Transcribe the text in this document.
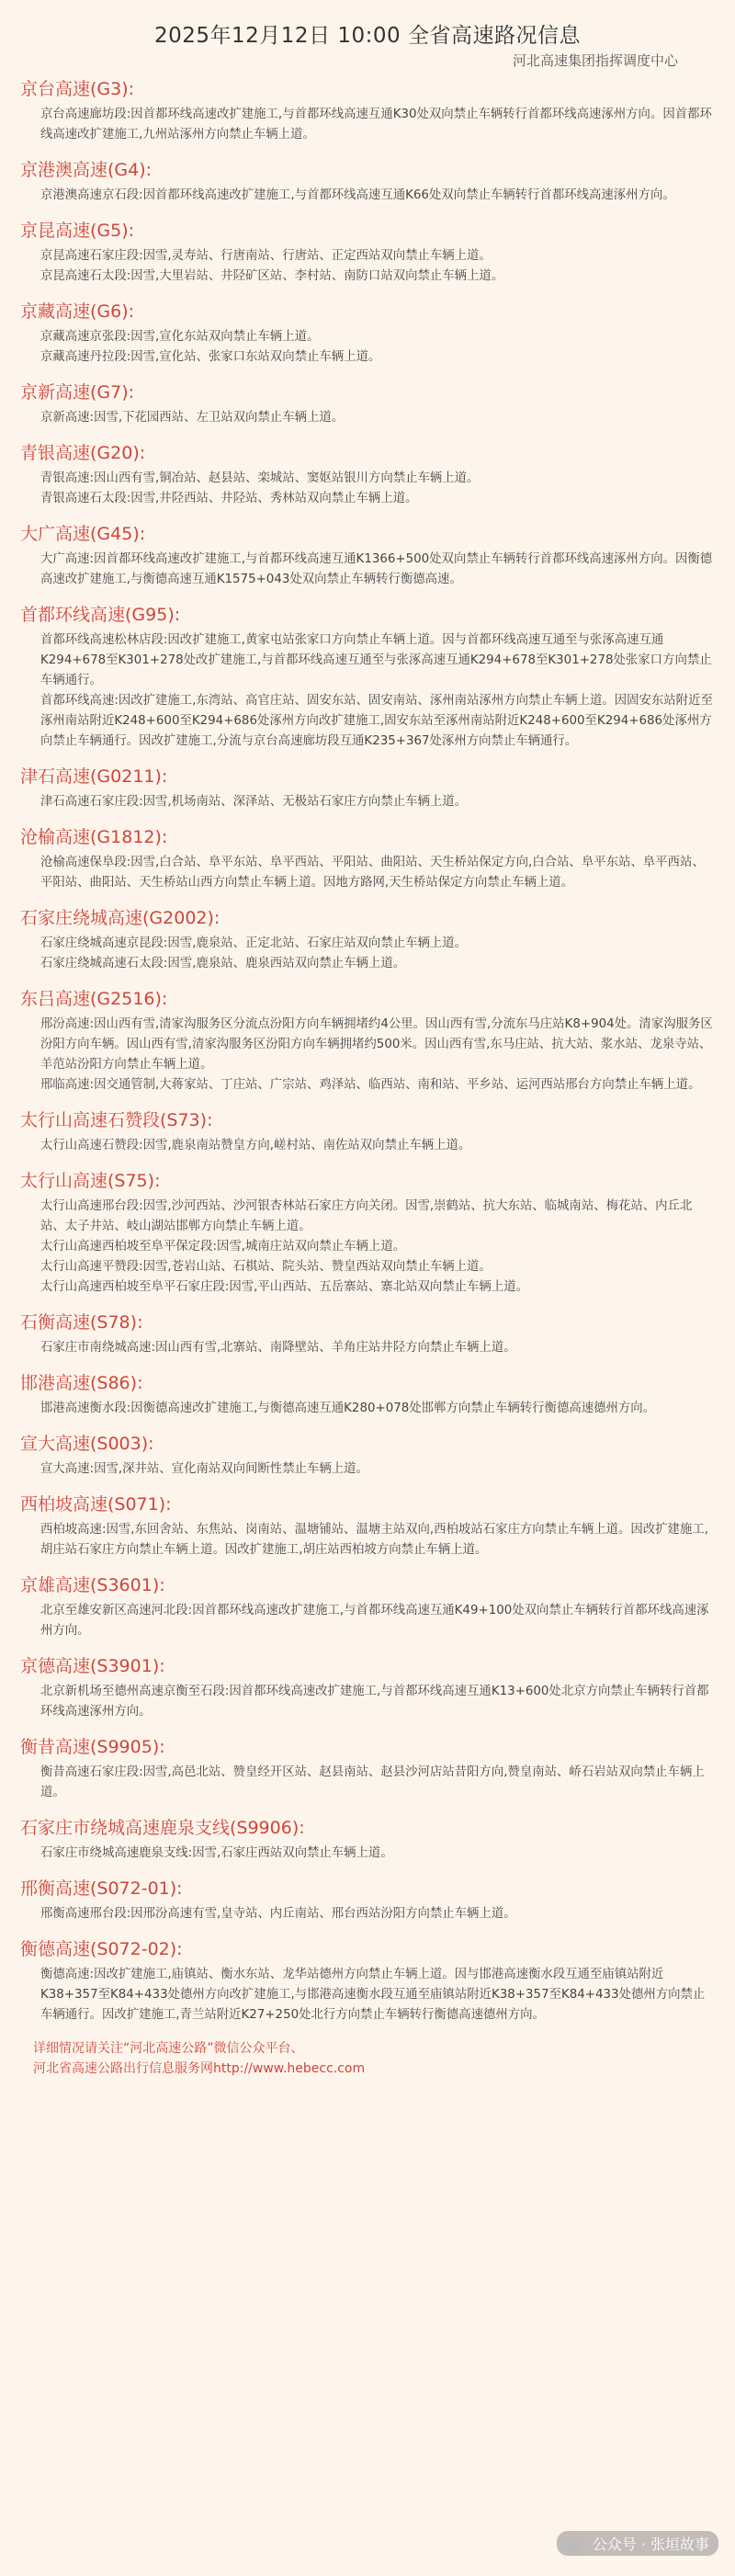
2025年12月12日 10:00 全省高速路况信息
河北高速集团指挥调度中心
京台高速(G3):

京台高速廊坊段:因首都环线高速改扩建施工,与首都环线高速互通K30处双向禁止车辆转行首都环线高速涿州方向。因首都环线高速改扩建施工,九州站涿州方向禁止车辆上道。

京港澳高速(G4):

京港澳高速京石段:因首都环线高速改扩建施工,与首都环线高速互通K66处双向禁止车辆转行首都环线高速涿州方向。

京昆高速(G5):

京昆高速石家庄段:因雪,灵寿站、行唐南站、行唐站、正定西站双向禁止车辆上道。

京昆高速石太段:因雪,大里岩站、井陉矿区站、李村站、南防口站双向禁止车辆上道。

京藏高速(G6):

京藏高速京张段:因雪,宣化东站双向禁止车辆上道。

京藏高速丹拉段:因雪,宣化站、张家口东站双向禁止车辆上道。

京新高速(G7):

京新高速:因雪,下花园西站、左卫站双向禁止车辆上道。

青银高速(G20):

青银高速:因山西有雪,铜冶站、赵县站、栾城站、窦妪站银川方向禁止车辆上道。

青银高速石太段:因雪,井陉西站、井陉站、秀林站双向禁止车辆上道。

大广高速(G45):

大广高速:因首都环线高速改扩建施工,与首都环线高速互通K1366+500处双向禁止车辆转行首都环线高速涿州方向。因衡德高速改扩建施工,与衡德高速互通K1575+043处双向禁止车辆转行衡德高速。

首都环线高速(G95):

首都环线高速松林店段:因改扩建施工,黄家屯站张家口方向禁止车辆上道。因与首都环线高速互通至与张涿高速互通K294+678至K301+278处改扩建施工,与首都环线高速互通至与张涿高速互通K294+678至K301+278处张家口方向禁止车辆通行。

首都环线高速:因改扩建施工,东湾站、高官庄站、固安东站、固安南站、涿州南站涿州方向禁止车辆上道。因固安东站附近至涿州南站附近K248+600至K294+686处涿州方向改扩建施工,固安东站至涿州南站附近K248+600至K294+686处涿州方向禁止车辆通行。因改扩建施工,分流与京台高速廊坊段互通K235+367处涿州方向禁止车辆通行。

津石高速(G0211):

津石高速石家庄段:因雪,机场南站、深泽站、无极站石家庄方向禁止车辆上道。

沧榆高速(G1812):

沧榆高速保阜段:因雪,白合站、阜平东站、阜平西站、平阳站、曲阳站、天生桥站保定方向,白合站、阜平东站、阜平西站、平阳站、曲阳站、天生桥站山西方向禁止车辆上道。因地方路网,天生桥站保定方向禁止车辆上道。

石家庄绕城高速(G2002):

石家庄绕城高速京昆段:因雪,鹿泉站、正定北站、石家庄站双向禁止车辆上道。

石家庄绕城高速石太段:因雪,鹿泉站、鹿泉西站双向禁止车辆上道。

东吕高速(G2516):

邢汾高速:因山西有雪,清家沟服务区分流点汾阳方向车辆拥堵约4公里。因山西有雪,分流东马庄站K8+904处。清家沟服务区汾阳方向车辆。因山西有雪,清家沟服务区汾阳方向车辆拥堵约500米。因山西有雪,东马庄站、抗大站、浆水站、龙泉寺站、羊范站汾阳方向禁止车辆上道。

邢临高速:因交通管制,大蒋家站、丁庄站、广宗站、鸡泽站、临西站、南和站、平乡站、运河西站邢台方向禁止车辆上道。

太行山高速石赞段(S73):

太行山高速石赞段:因雪,鹿泉南站赞皇方向,嵯村站、南佐站双向禁止车辆上道。

太行山高速(S75):

太行山高速邢台段:因雪,沙河西站、沙河银杏林站石家庄方向关闭。因雪,崇鹤站、抗大东站、临城南站、梅花站、内丘北站、太子井站、岐山湖站邯郸方向禁止车辆上道。

太行山高速西柏坡至阜平保定段:因雪,城南庄站双向禁止车辆上道。

太行山高速平赞段:因雪,苍岩山站、石棋站、院头站、赞皇西站双向禁止车辆上道。

太行山高速西柏坡至阜平石家庄段:因雪,平山西站、五岳寨站、寨北站双向禁止车辆上道。

石衡高速(S78):

石家庄市南绕城高速:因山西有雪,北寨站、南降壁站、羊角庄站井陉方向禁止车辆上道。

邯港高速(S86):

邯港高速衡水段:因衡德高速改扩建施工,与衡德高速互通K280+078处邯郸方向禁止车辆转行衡德高速德州方向。

宣大高速(S003):

宣大高速:因雪,深井站、宣化南站双向间断性禁止车辆上道。

西柏坡高速(S071):

西柏坡高速:因雪,东回舍站、东焦站、岗南站、温塘铺站、温塘主站双向,西柏坡站石家庄方向禁止车辆上道。因改扩建施工,胡庄站石家庄方向禁止车辆上道。因改扩建施工,胡庄站西柏坡方向禁止车辆上道。

京雄高速(S3601):

北京至雄安新区高速河北段:因首都环线高速改扩建施工,与首都环线高速互通K49+100处双向禁止车辆转行首都环线高速涿州方向。

京德高速(S3901):

北京新机场至德州高速京衡至石段:因首都环线高速改扩建施工,与首都环线高速互通K13+600处北京方向禁止车辆转行首都环线高速涿州方向。

衡昔高速(S9905):

衡昔高速石家庄段:因雪,高邑北站、赞皇经开区站、赵县南站、赵县沙河店站昔阳方向,赞皇南站、峤石岩站双向禁止车辆上道。

石家庄市绕城高速鹿泉支线(S9906):

石家庄市绕城高速鹿泉支线:因雪,石家庄西站双向禁止车辆上道。

邢衡高速(S072-01):

邢衡高速邢台段:因邢汾高速有雪,皇寺站、内丘南站、邢台西站汾阳方向禁止车辆上道。

衡德高速(S072-02):

衡德高速:因改扩建施工,庙镇站、衡水东站、龙华站德州方向禁止车辆上道。因与邯港高速衡水段互通至庙镇站附近K38+357至K84+433处德州方向改扩建施工,与邯港高速衡水段互通至庙镇站附近K38+357至K84+433处德州方向禁止车辆通行。因改扩建施工,青兰站附近K27+250处北行方向禁止车辆转行衡德高速德州方向。

详细情况请关注“河北高速公路”微信公众平台、
河北省高速公路出行信息服务网http://www.hebecc.com
公众号 · 张垣故事
